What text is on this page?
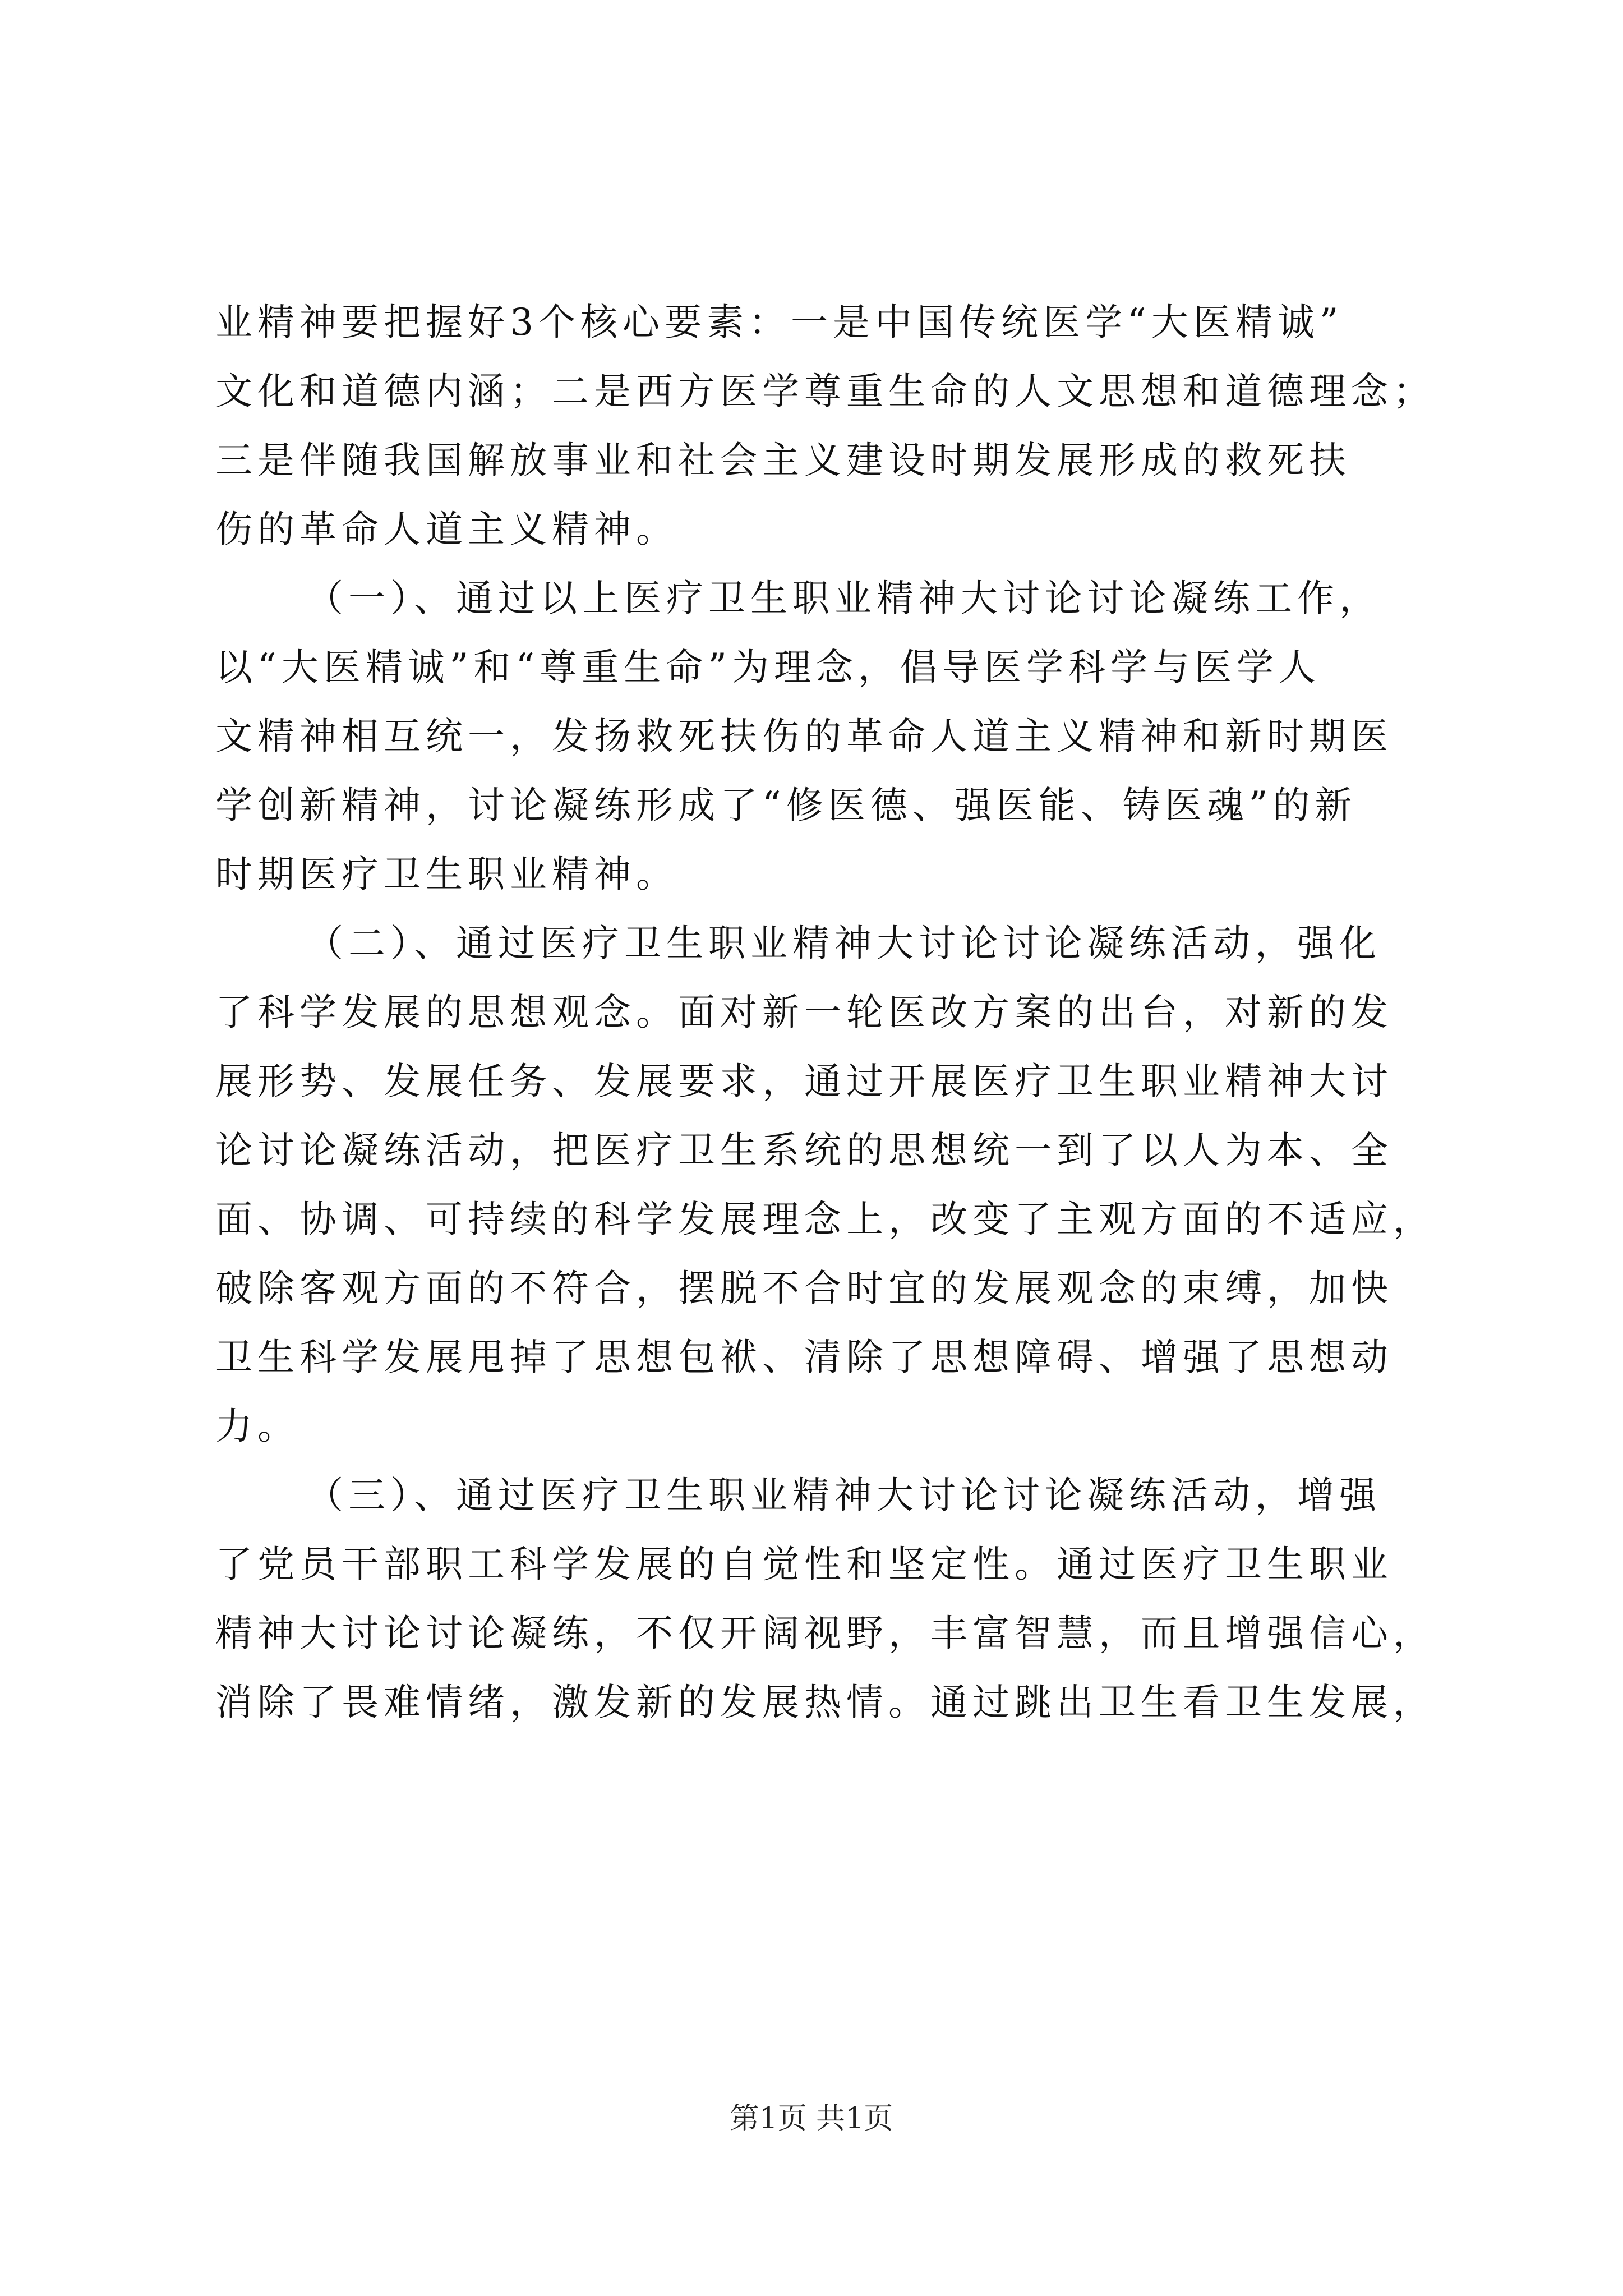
业精神要把握好3个核心要素：一是中国传统医学“大医精诚”

文化和道德内涵；二是西方医学尊重生命的人文思想和道德理念；

三是伴随我国解放事业和社会主义建设时期发展形成的救死扶

伤的革命人道主义精神。

（一）、通过以上医疗卫生职业精神大讨论讨论凝练工作，

以“大医精诚”和“尊重生命”为理念，倡导医学科学与医学人

文精神相互统一，发扬救死扶伤的革命人道主义精神和新时期医

学创新精神，讨论凝练形成了“修医德、强医能、铸医魂”的新

时期医疗卫生职业精神。

（二）、通过医疗卫生职业精神大讨论讨论凝练活动，强化

了科学发展的思想观念。面对新一轮医改方案的出台，对新的发

展形势、发展任务、发展要求，通过开展医疗卫生职业精神大讨

论讨论凝练活动，把医疗卫生系统的思想统一到了以人为本、全

面、协调、可持续的科学发展理念上，改变了主观方面的不适应，

破除客观方面的不符合，摆脱不合时宜的发展观念的束缚，加快

卫生科学发展甩掉了思想包袱、清除了思想障碍、增强了思想动

力。

（三）、通过医疗卫生职业精神大讨论讨论凝练活动，增强

了党员干部职工科学发展的自觉性和坚定性。通过医疗卫生职业

精神大讨论讨论凝练，不仅开阔视野，丰富智慧，而且增强信心，

消除了畏难情绪，激发新的发展热情。通过跳出卫生看卫生发展，

第1页 共1页
